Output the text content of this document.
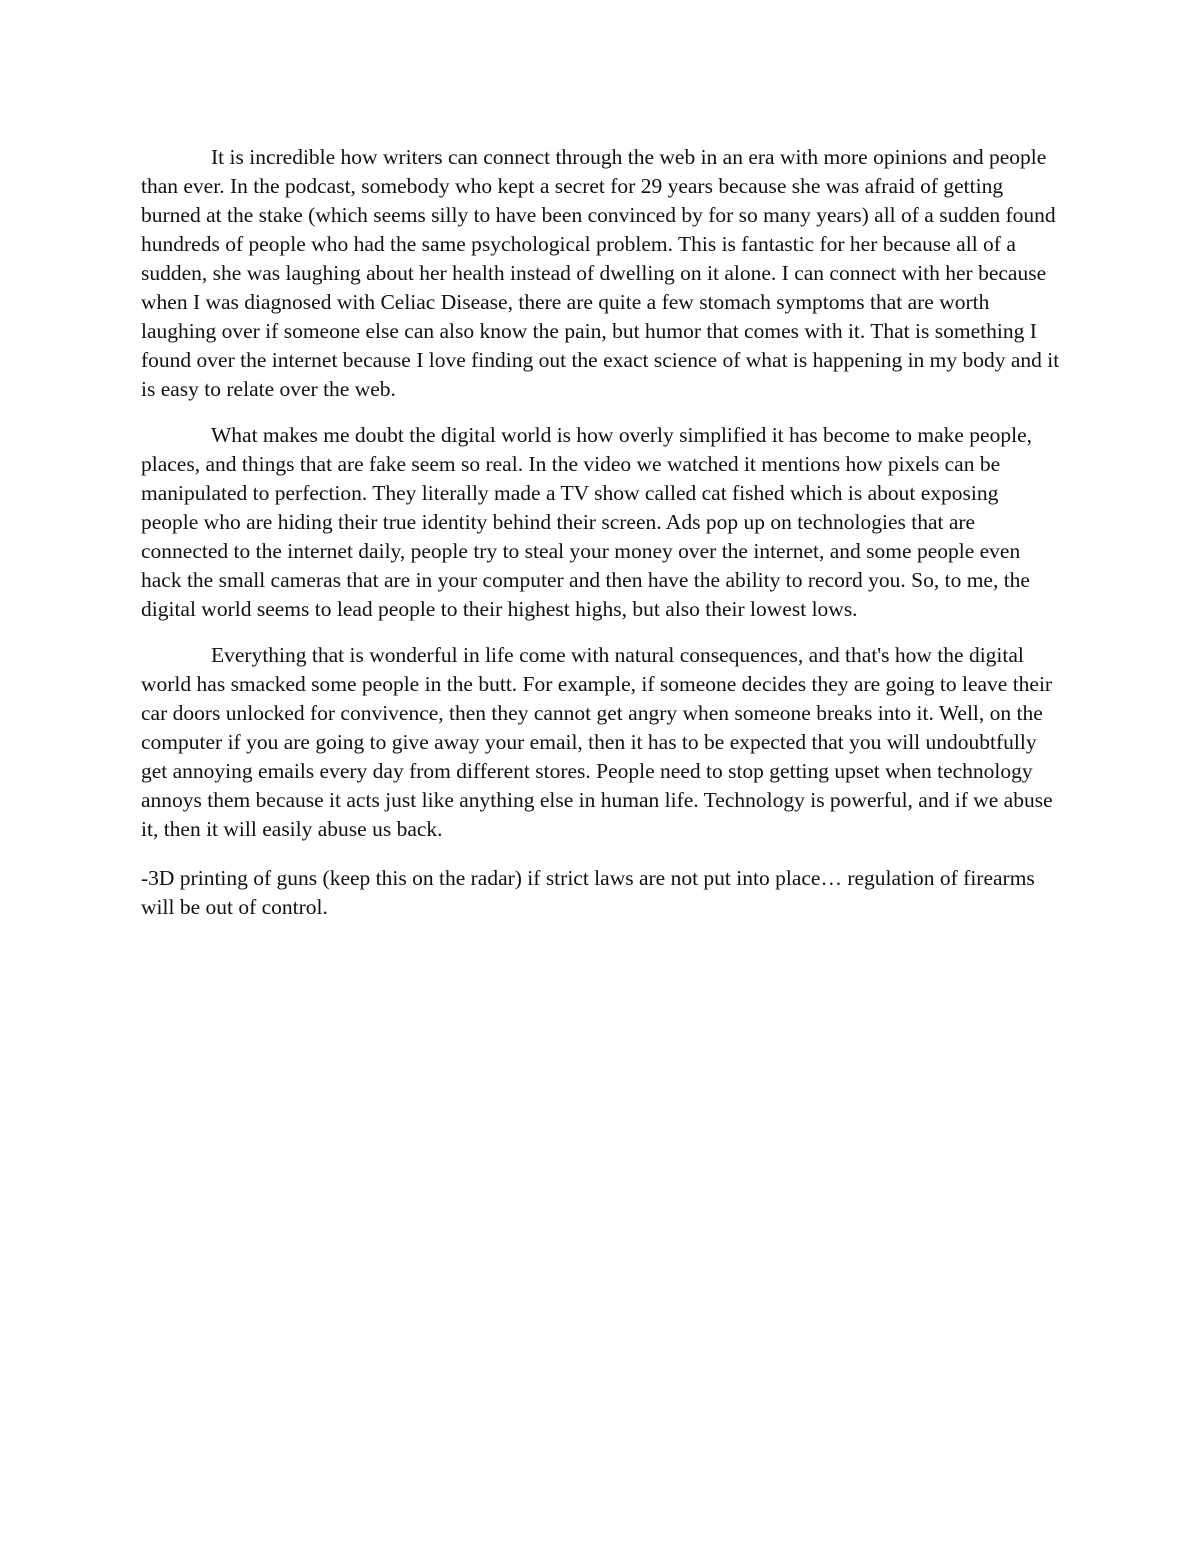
It is incredible how writers can connect through the web in an era with more opinions and people than ever. In the podcast, somebody who kept a secret for 29 years because she was afraid of getting burned at the stake (which seems silly to have been convinced by for so many years) all of a sudden found hundreds of people who had the same psychological problem. This is fantastic for her because all of a sudden, she was laughing about her health instead of dwelling on it alone. I can connect with her because when I was diagnosed with Celiac Disease, there are quite a few stomach symptoms that are worth laughing over if someone else can also know the pain, but humor that comes with it. That is something I found over the internet because I love finding out the exact science of what is happening in my body and it is easy to relate over the web.

What makes me doubt the digital world is how overly simplified it has become to make people, places, and things that are fake seem so real. In the video we watched it mentions how pixels can be manipulated to perfection. They literally made a TV show called cat fished which is about exposing people who are hiding their true identity behind their screen. Ads pop up on technologies that are connected to the internet daily, people try to steal your money over the internet, and some people even hack the small cameras that are in your computer and then have the ability to record you. So, to me, the digital world seems to lead people to their highest highs, but also their lowest lows.

Everything that is wonderful in life come with natural consequences, and that's how the digital world has smacked some people in the butt. For example, if someone decides they are going to leave their car doors unlocked for convivence, then they cannot get angry when someone breaks into it. Well, on the computer if you are going to give away your email, then it has to be expected that you will undoubtfully get annoying emails every day from different stores. People need to stop getting upset when technology annoys them because it acts just like anything else in human life. Technology is powerful, and if we abuse it, then it will easily abuse us back.

-3D printing of guns (keep this on the radar) if strict laws are not put into place… regulation of firearms will be out of control.
